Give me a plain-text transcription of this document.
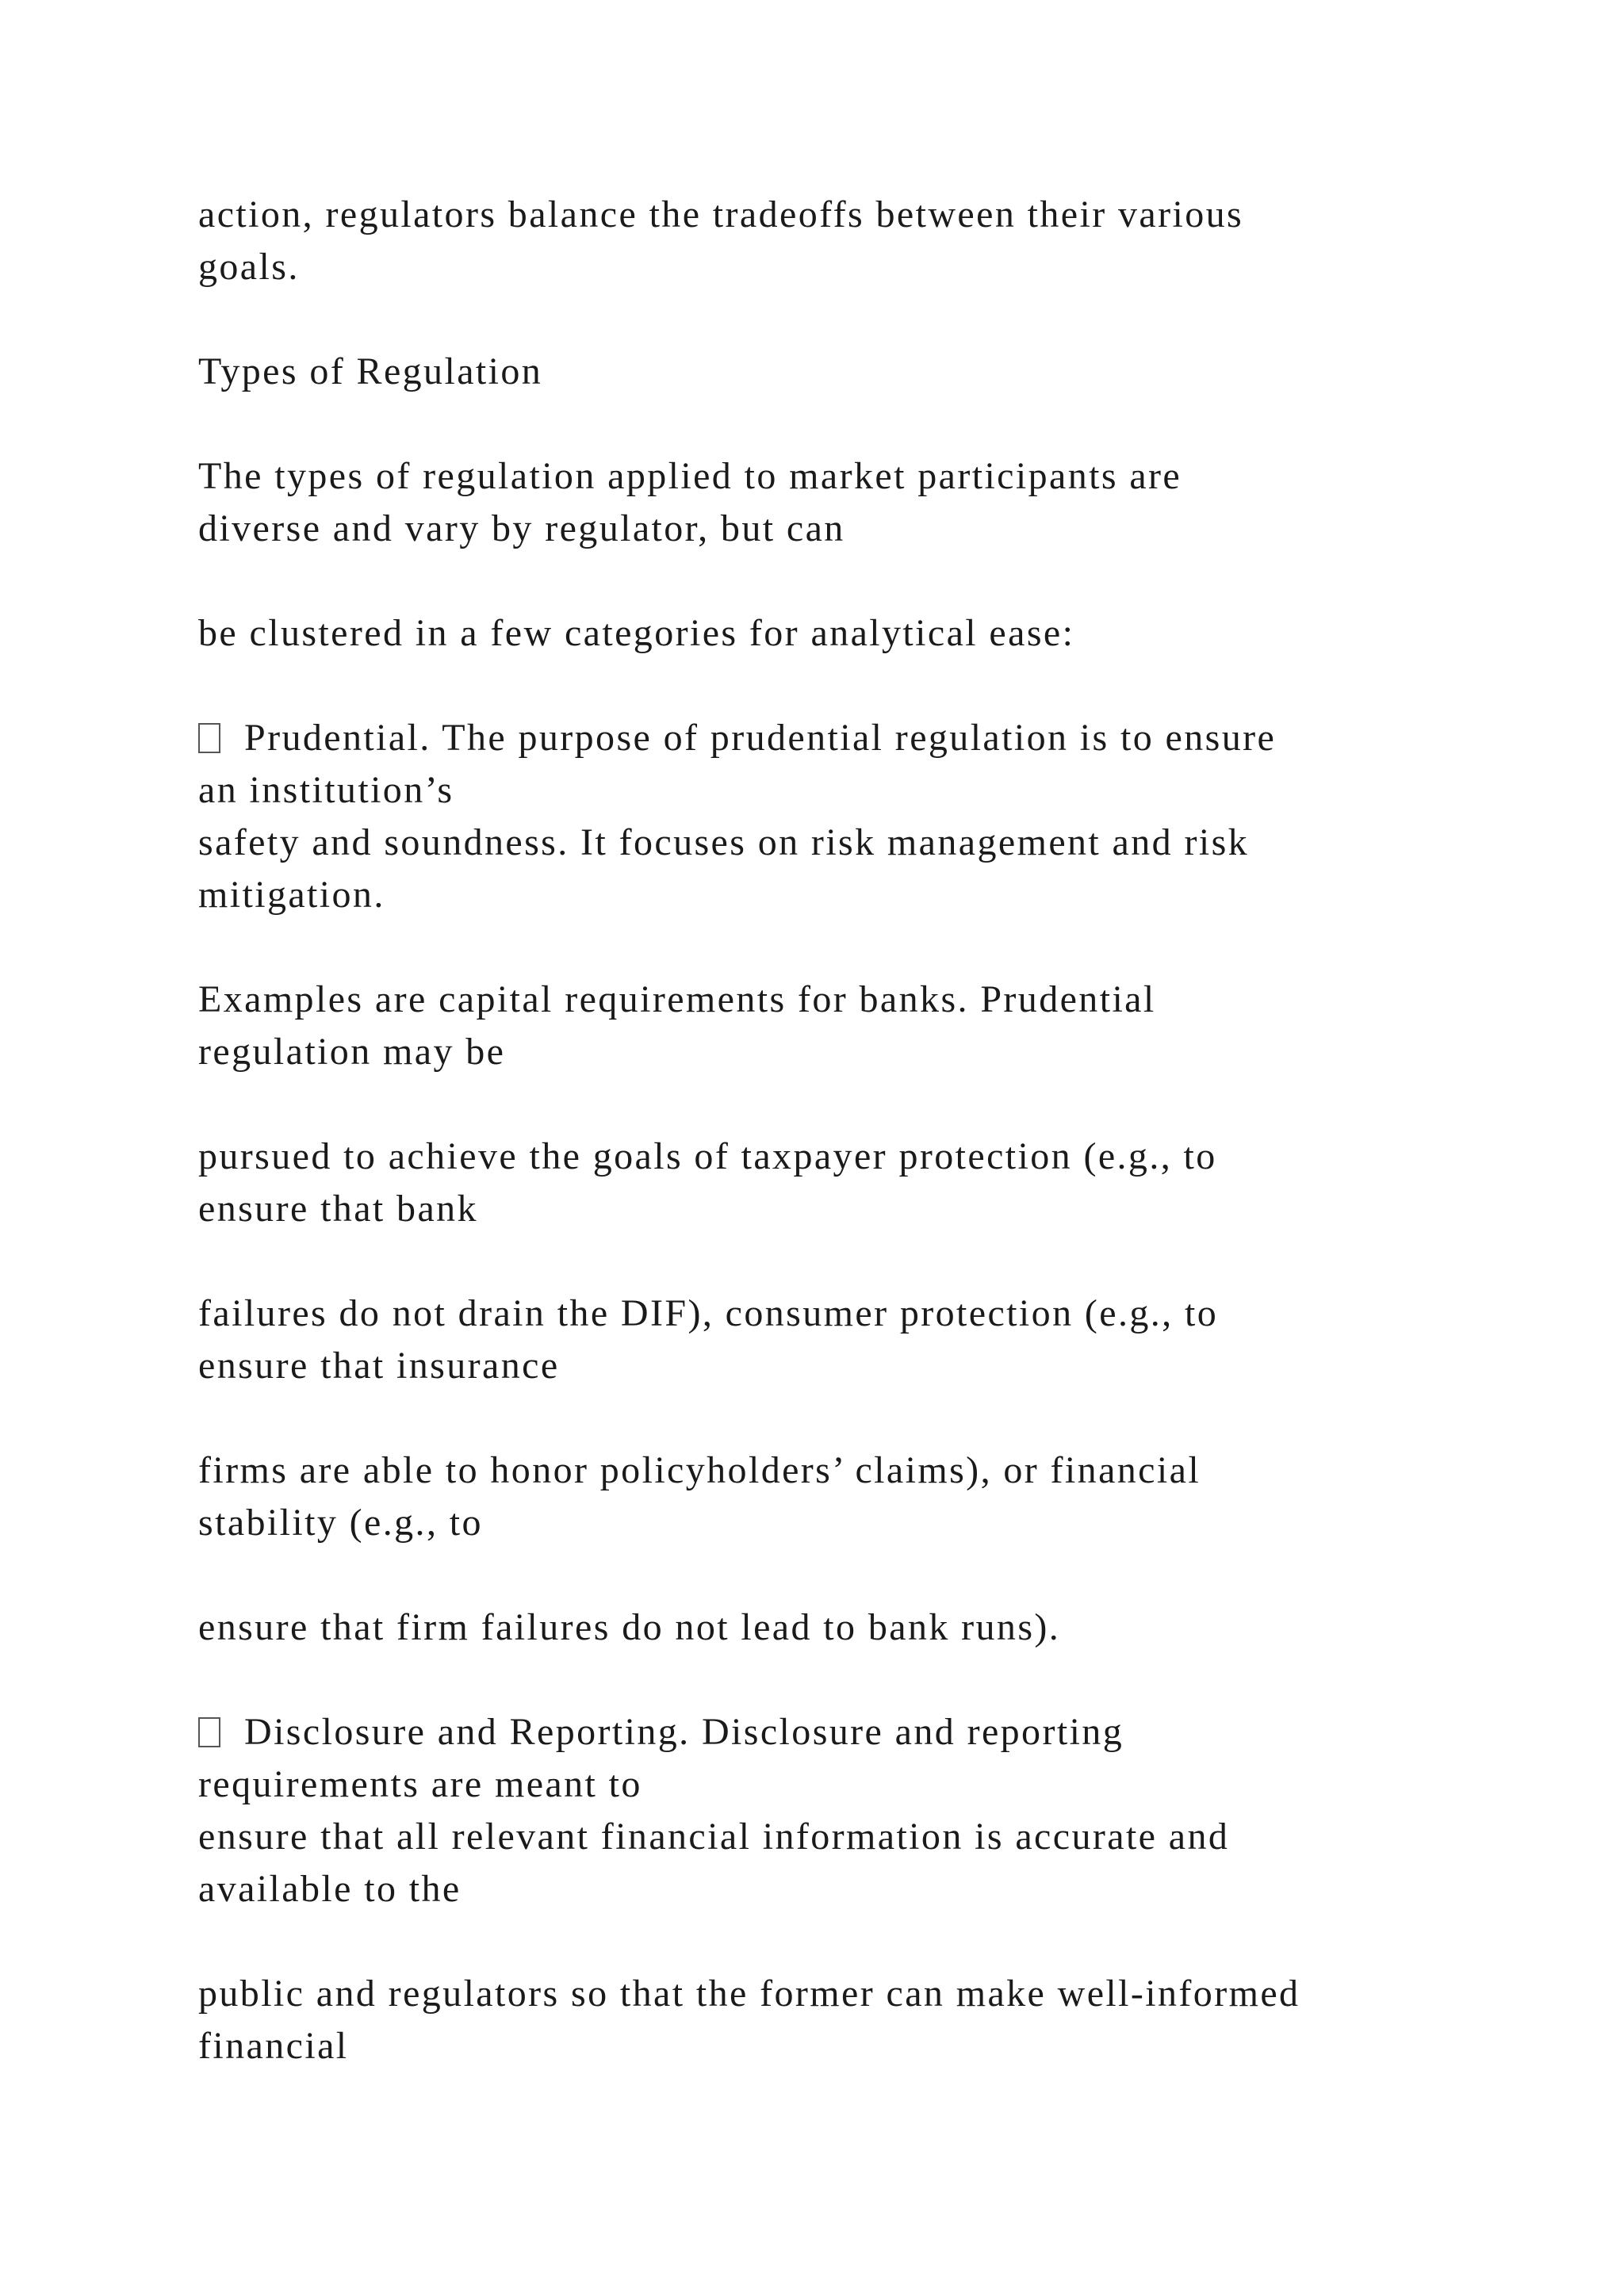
action, regulators balance the tradeoffs between their various
goals.
Types of Regulation
The types of regulation applied to market participants are
diverse and vary by regulator, but can
be clustered in a few categories for analytical ease:
Prudential. The purpose of prudential regulation is to ensure
an institution’s
safety and soundness. It focuses on risk management and risk
mitigation.
Examples are capital requirements for banks. Prudential
regulation may be
pursued to achieve the goals of taxpayer protection (e.g., to
ensure that bank
failures do not drain the DIF), consumer protection (e.g., to
ensure that insurance
firms are able to honor policyholders’ claims), or financial
stability (e.g., to
ensure that firm failures do not lead to bank runs).
Disclosure and Reporting. Disclosure and reporting
requirements are meant to
ensure that all relevant financial information is accurate and
available to the
public and regulators so that the former can make well-informed
financial
